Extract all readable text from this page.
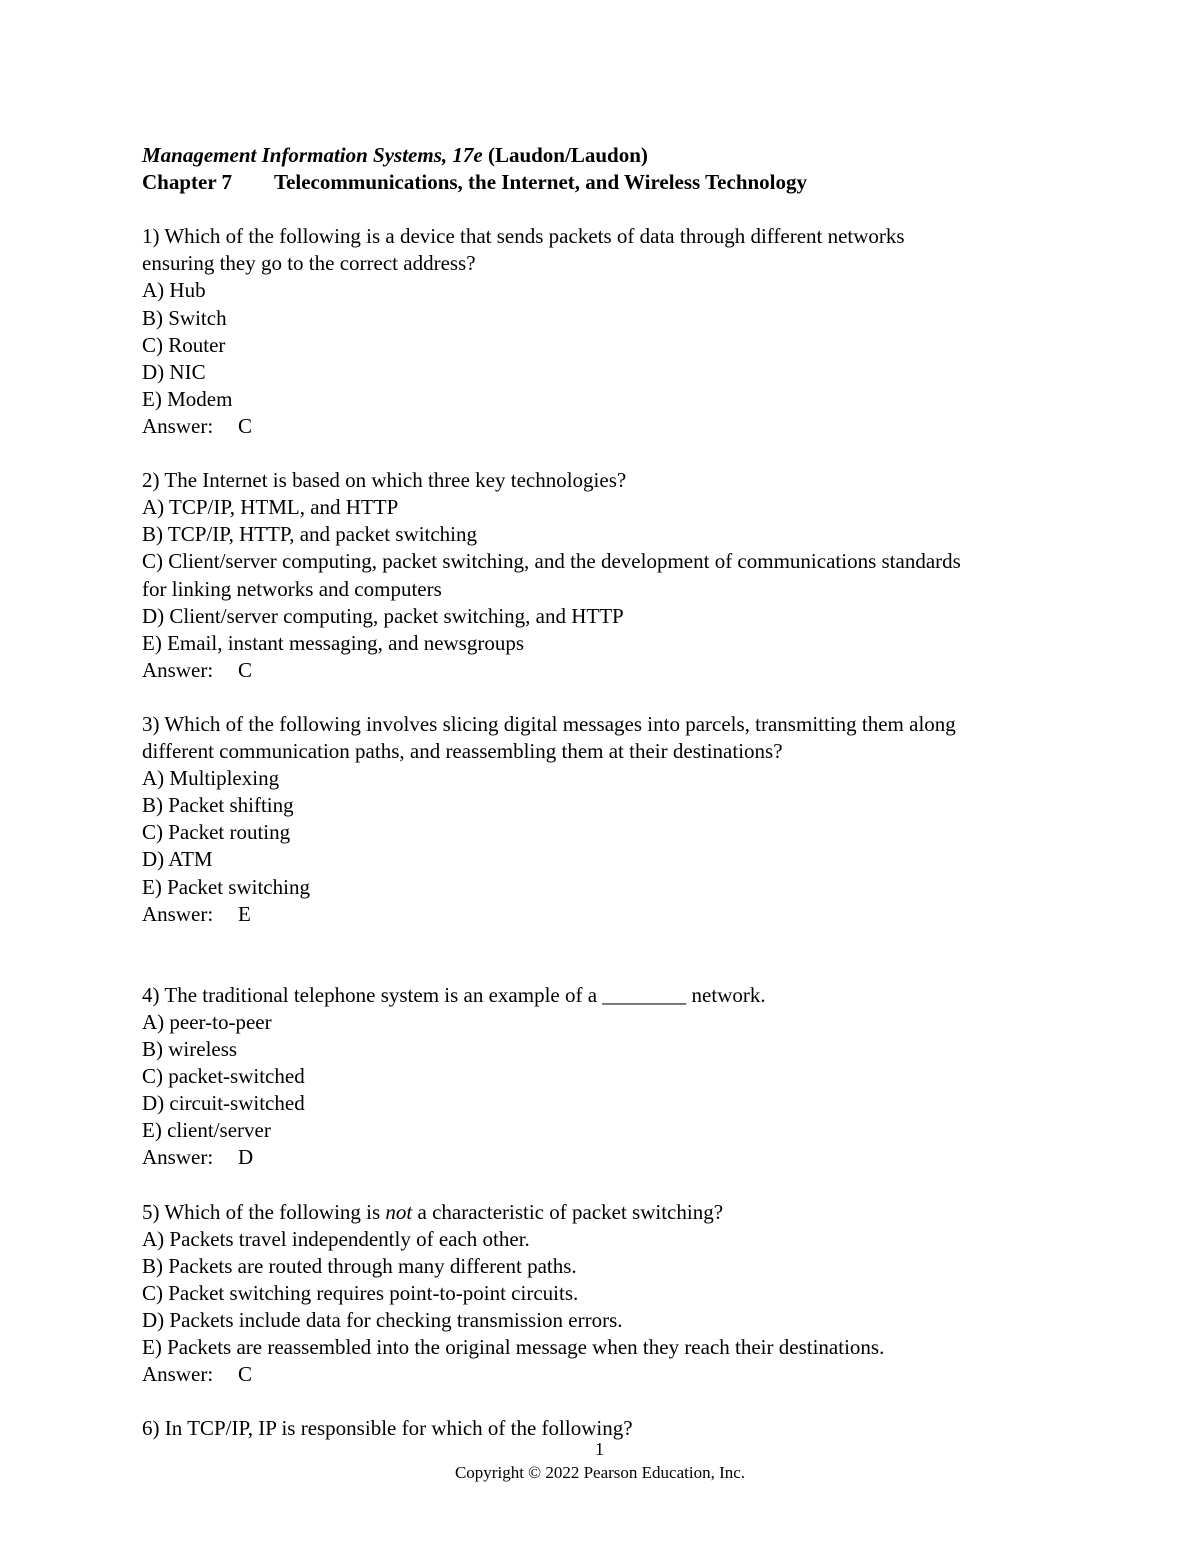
Management Information Systems, 17e (Laudon/Laudon)
Chapter 7 Telecommunications, the Internet, and Wireless Technology
1) Which of the following is a device that sends packets of data through different networks
ensuring they go to the correct address?
A) Hub
B) Switch
C) Router
D) NIC
E) Modem
Answer: C
2) The Internet is based on which three key technologies?
A) TCP/IP, HTML, and HTTP
B) TCP/IP, HTTP, and packet switching
C) Client/server computing, packet switching, and the development of communications standards
for linking networks and computers
D) Client/server computing, packet switching, and HTTP
E) Email, instant messaging, and newsgroups
Answer: C
3) Which of the following involves slicing digital messages into parcels, transmitting them along
different communication paths, and reassembling them at their destinations?
A) Multiplexing
B) Packet shifting
C) Packet routing
D) ATM
E) Packet switching
Answer: E
4) The traditional telephone system is an example of a ________ network.
A) peer-to-peer
B) wireless
C) packet-switched
D) circuit-switched
E) client/server
Answer: D
5) Which of the following is not a characteristic of packet switching?
A) Packets travel independently of each other.
B) Packets are routed through many different paths.
C) Packet switching requires point-to-point circuits.
D) Packets include data for checking transmission errors.
E) Packets are reassembled into the original message when they reach their destinations.
Answer: C
6) In TCP/IP, IP is responsible for which of the following?
1
Copyright © 2022 Pearson Education, Inc.
